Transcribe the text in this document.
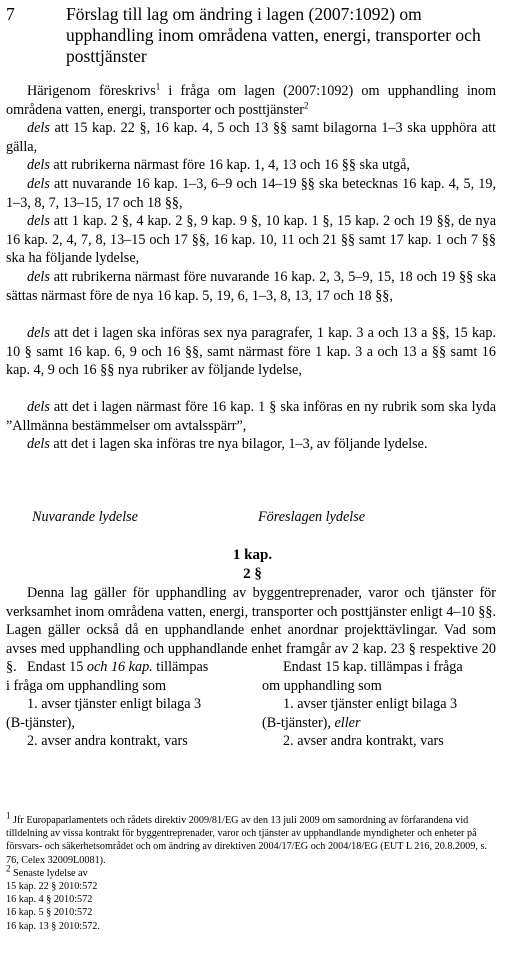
7	Förslag till lag om ändring i lagen (2007:1092) om upphandling inom områdena vatten, energi, transporter och posttjänster
Härigenom föreskrivs$^1$ i fråga om lagen (2007:1092) om upphandling inom områdena vatten, energi, transporter och posttjänster$^2$
dels att 15 kap. 22 §, 16 kap. 4, 5 och 13 §§ samt bilagorna 1–3 ska upphöra att gälla,
dels att rubrikerna närmast före 16 kap. 1, 4, 13 och 16 §§ ska utgå,
dels att nuvarande 16 kap. 1–3, 6–9 och 14–19 §§ ska betecknas 16 kap. 4, 5, 19, 1–3, 8, 7, 13–15, 17 och 18 §§,
dels att 1 kap. 2 §, 4 kap. 2 §, 9 kap. 9 §, 10 kap. 1 §, 15 kap. 2 och 19 §§, de nya 16 kap. 2, 4, 7, 8, 13–15 och 17 §§, 16 kap. 10, 11 och 21 §§ samt 17 kap. 1 och 7 §§ ska ha följande lydelse,
dels att rubrikerna närmast före nuvarande 16 kap. 2, 3, 5–9, 15, 18 och 19 §§ ska sättas närmast före de nya 16 kap. 5, 19, 6, 1–3, 8, 13, 17 och 18 §§,
dels att det i lagen ska införas sex nya paragrafer, 1 kap. 3 a och 13 a §§, 15 kap. 10 § samt 16 kap. 6, 9 och 16 §§, samt närmast före 1 kap. 3 a och 13 a §§ samt 16 kap. 4, 9 och 16 §§ nya rubriker av följande lydelse,
dels att det i lagen närmast före 16 kap. 1 § ska införas en ny rubrik som ska lyda ”Allmänna bestämmelser om avtalsspärr”,
dels att det i lagen ska införas tre nya bilagor, 1–3, av följande lydelse.
Nuvarande lydelse	Föreslagen lydelse
1 kap.
2 §
Denna lag gäller för upphandling av byggentreprenader, varor och tjänster för verksamhet inom områdena vatten, energi, transporter och posttjänster enligt 4–10 §§. Lagen gäller också då en upphandlande enhet anordnar projekttävlingar. Vad som avses med upphandling och upphandlande enhet framgår av 2 kap. 23 § respektive 20 §. Endast 15 och 16 kap. tillämpas
i fråga om upphandling som
1. avser tjänster enligt bilaga 3
(B-tjänster),
2. avser andra kontrakt, vars
Endast 15 kap. tillämpas i fråga
om upphandling som
1. avser tjänster enligt bilaga 3
(B-tjänster), eller
2. avser andra kontrakt, vars
$^1$ Jfr Europaparlamentets och rådets direktiv 2009/81/EG av den 13 juli 2009 om samordning av förfarandena vid tilldelning av vissa kontrakt för byggentreprenader, varor och tjänster av upphandlande myndigheter och enheter på försvars- och säkerhetsområdet och om ändring av direktiven 2004/17/EG och 2004/18/EG (EUT L 216, 20.8.2009, s. 76, Celex 32009L0081).
$^2$ Senaste lydelse av
15 kap. 22 § 2010:572
16 kap. 4 § 2010:572
16 kap. 5 § 2010:572
16 kap. 13 § 2010:572.
